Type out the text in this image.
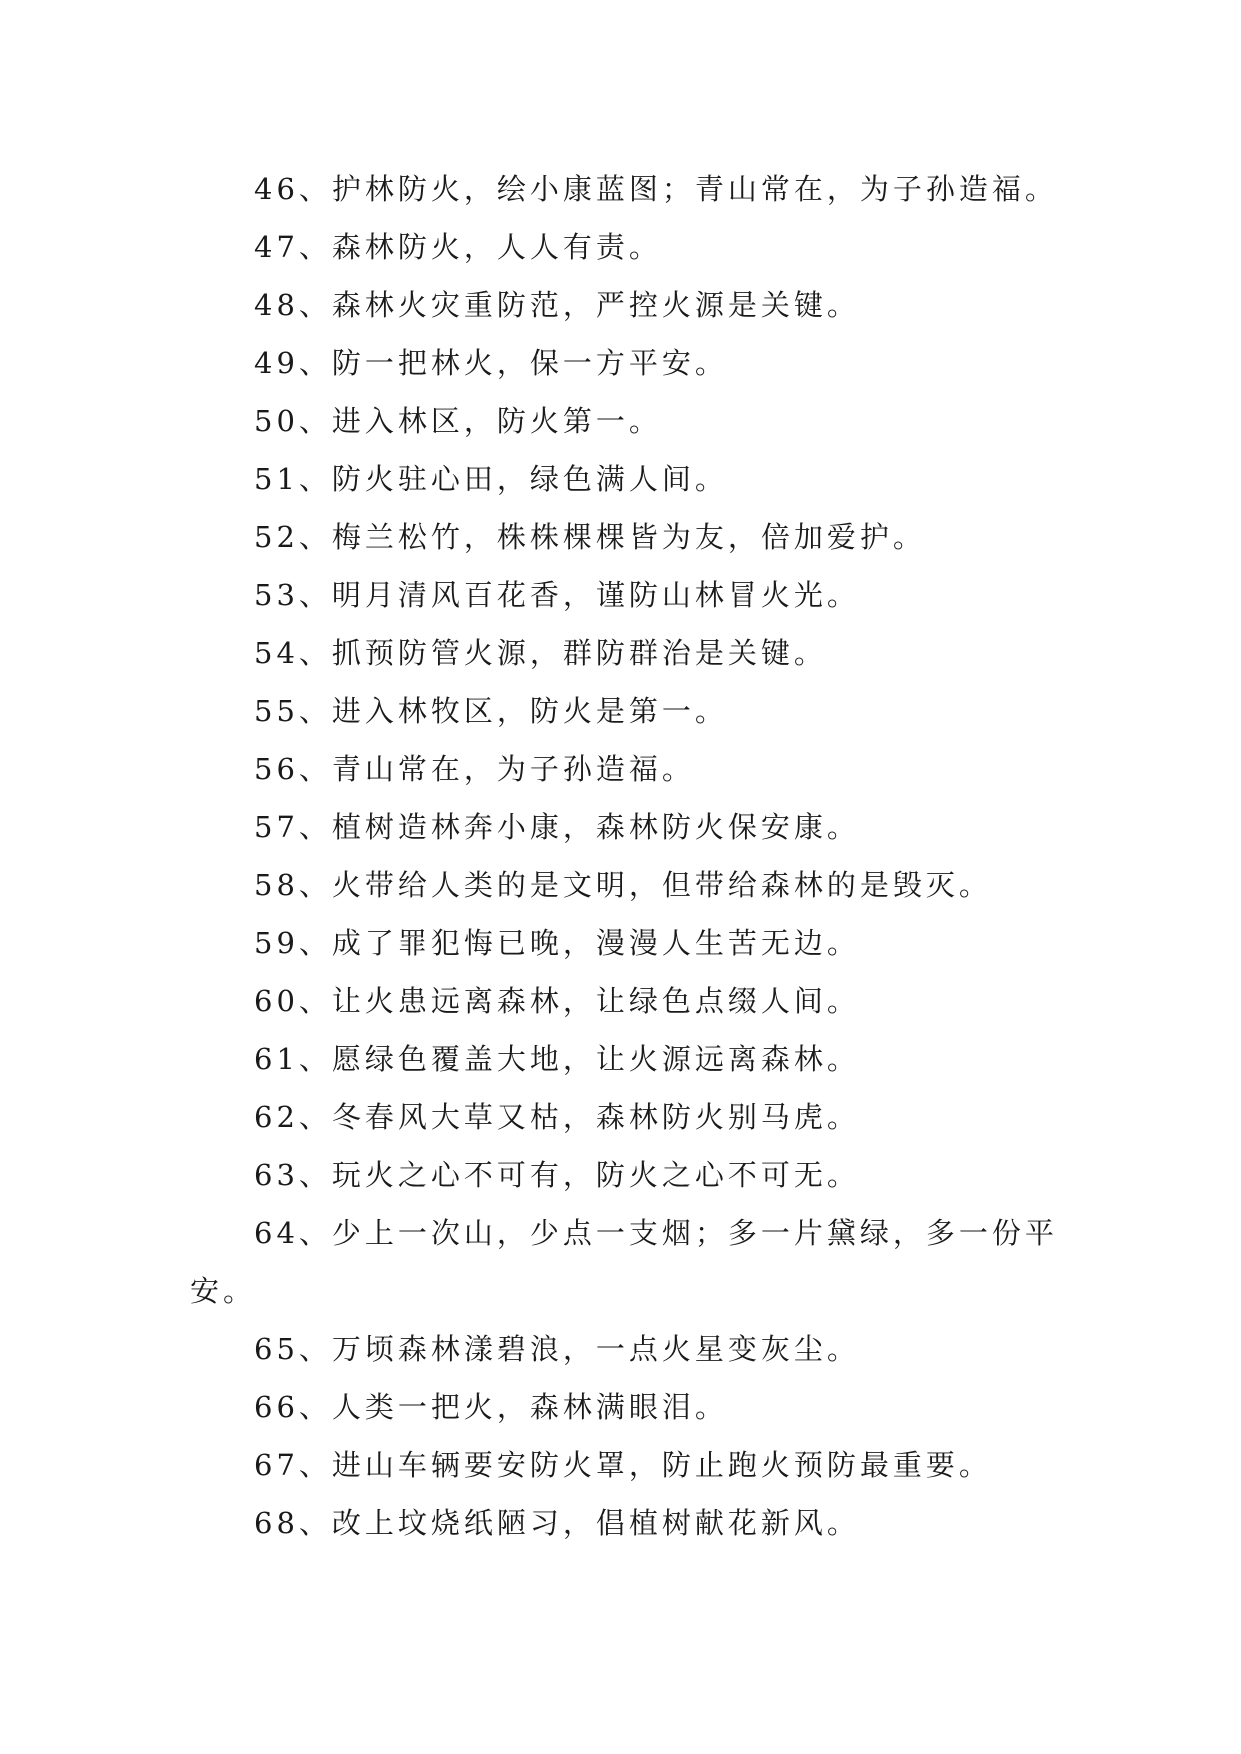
46、护林防火，绘小康蓝图；青山常在，为子孙造福。
47、森林防火，人人有责。
48、森林火灾重防范，严控火源是关键。
49、防一把林火，保一方平安。
50、进入林区，防火第一。
51、防火驻心田，绿色满人间。
52、梅兰松竹，株株棵棵皆为友，倍加爱护。
53、明月清风百花香，谨防山林冒火光。
54、抓预防管火源，群防群治是关键。
55、进入林牧区，防火是第一。
56、青山常在，为子孙造福。
57、植树造林奔小康，森林防火保安康。
58、火带给人类的是文明，但带给森林的是毁灭。
59、成了罪犯悔已晚，漫漫人生苦无边。
60、让火患远离森林，让绿色点缀人间。
61、愿绿色覆盖大地，让火源远离森林。
62、冬春风大草又枯，森林防火别马虎。
63、玩火之心不可有，防火之心不可无。
64、少上一次山，少点一支烟；多一片黛绿，多一份平安。
65、万顷森林漾碧浪，一点火星变灰尘。
66、人类一把火，森林满眼泪。
67、进山车辆要安防火罩，防止跑火预防最重要。
68、改上坟烧纸陋习，倡植树献花新风。
